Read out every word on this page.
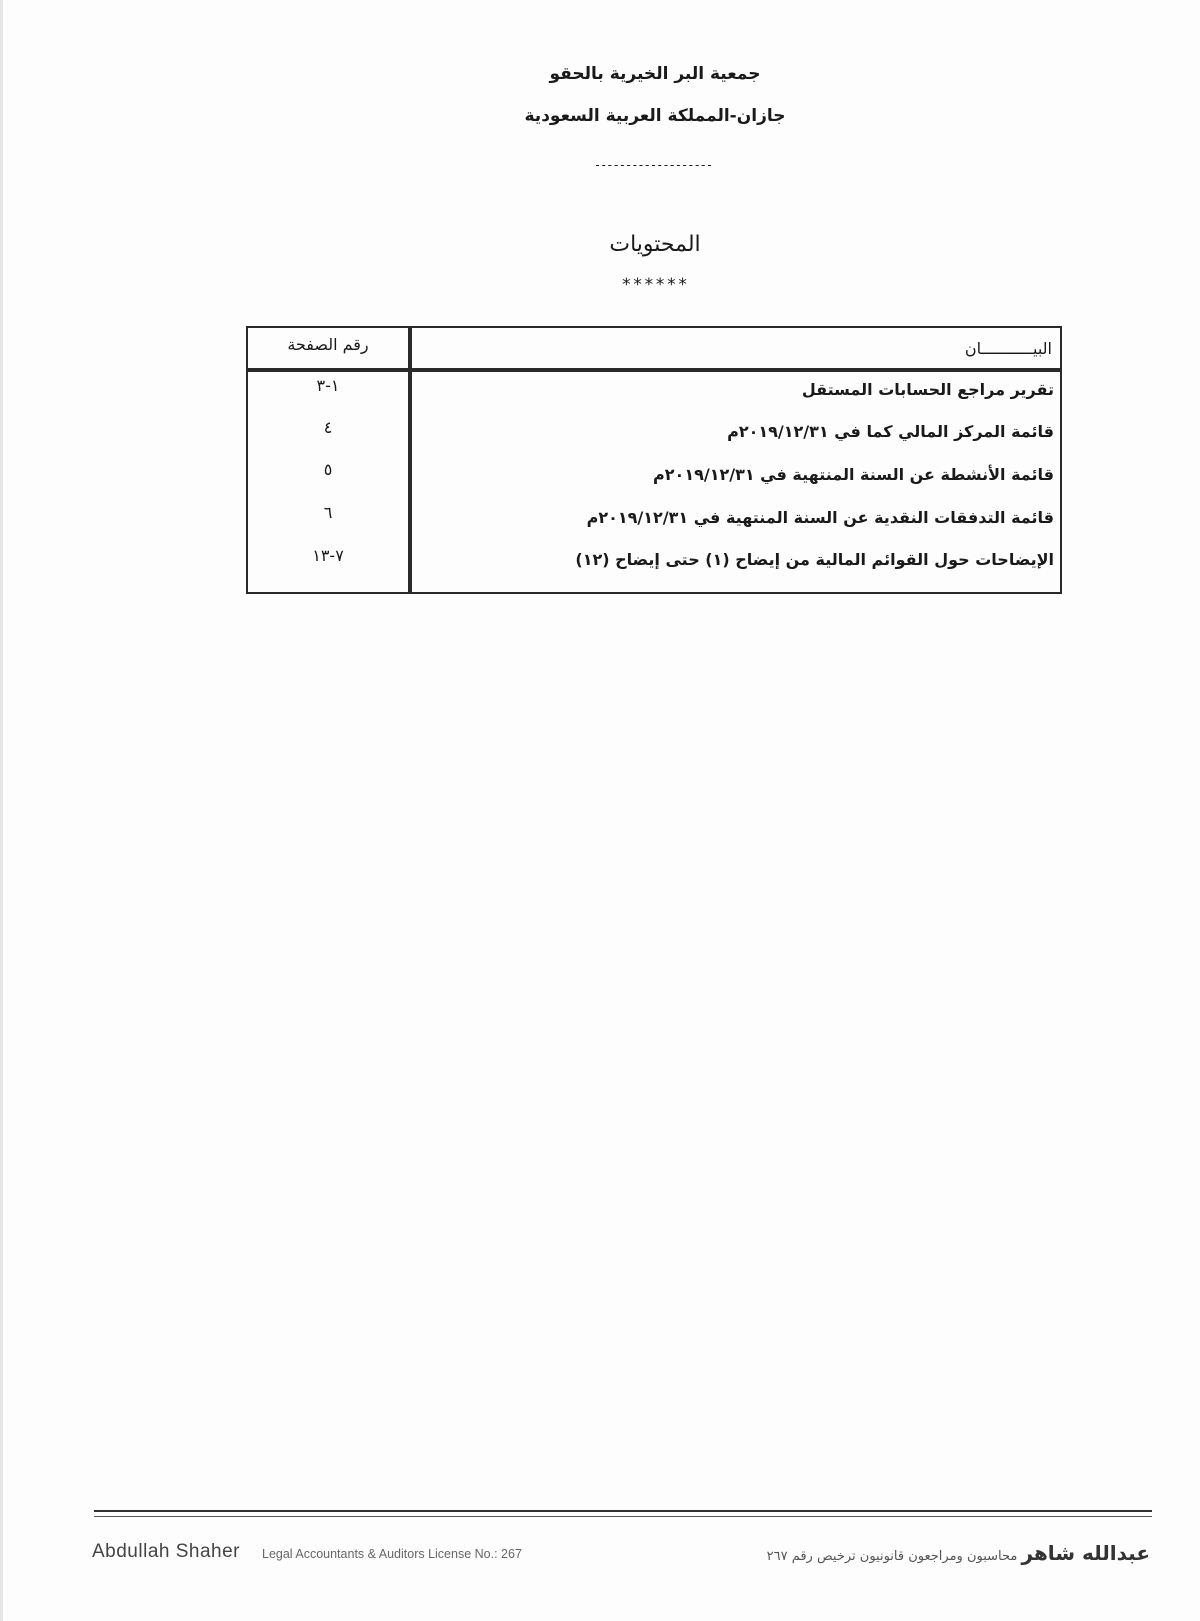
جمعية البر الخيرية بالحقو
جازان-المملكة العربية السعودية
-------------------
المحتويات
******
البيـــــــــــان
رقم الصفحة
تقرير مراجع الحسابات المستقل
١-٣
قائمة المركز المالي كما في ٢٠١٩/١٢/٣١م
٤
قائمة الأنشطة عن السنة المنتهية في ٢٠١٩/١٢/٣١م
٥
قائمة التدفقات النقدية عن السنة المنتهية في ٢٠١٩/١٢/٣١م
٦
الإيضاحات حول القوائم المالية من إيضاح (١) حتى إيضاح (١٢)
٧-١٣
Abdullah Shaher Legal Accountants & Auditors License No.: 267	عبدالله شاهر محاسبون ومراجعون قانونيون ترخيص رقم ٢٦٧
